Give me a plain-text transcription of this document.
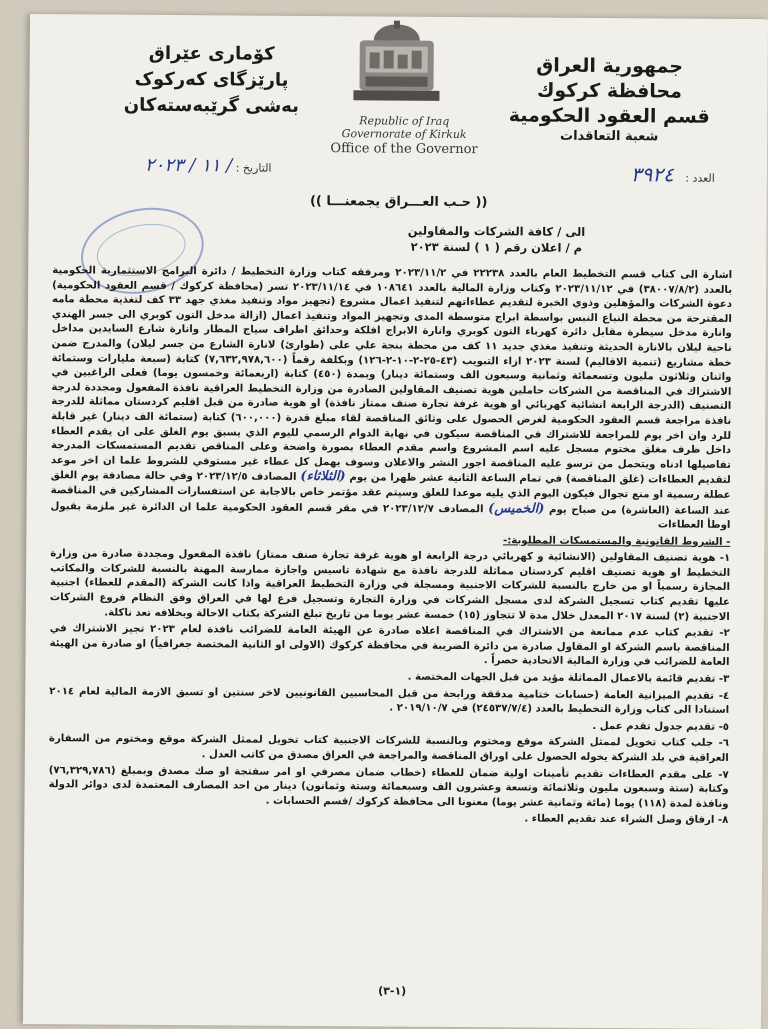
جمهورية العراق
محافظة كركوك
قسم العقود الحكومية
شعبة التعاقدات
كۆماری عێراق
پارێزگای کەرکوک
بەشی گرێبەستەکان
Republic of Iraq
Governorate of Kirkuk
Office of the Governor
العدد : ٣٩٢٤
التاريخ : / ١١ / ٢٠٢٣
(( حـب العـــراق يجمعنـــا ))
الى / كافة الشركات والمقاولين
م / اعلان رقم ( ١ ) لسنة ٢٠٢٣

اشارة الى كتاب قسم التخطيط العام بالعدد ٢٢٢٣٨ في ٢٠٢٣/١١/٢ ومرفقه كتاب وزارة التخطيط / دائرة البرامج الاستثمارية الحكومية بالعدد (٣٨٠٠٧/٨/٢) في ٢٠٢٣/١١/١٢ وكتاب وزارة المالية بالعدد ١٠٨٦٤١ في ٢٠٢٣/١١/١٤ تسر (محافظة كركوك / قسم العقود الحكومية) دعوة الشركات والمؤهلين وذوي الخبرة لتقديم عطاءاتهم لتنفيذ اعمال مشروع (تجهيز مواد وتنفيذ مغذي جهد ٣٣ كف لتغذية محطة مامه المقترحة من محطة النباع النبس بواسطة ابراج متوسطة المدى وتجهيز المواد وتنفيذ اعمال (ازالة مدخل التون كوبري الى جسر الهندي وانارة مدخل سيطرة مقابل دائرة كهرباء التون كوبري وانارة الابراج افلكة وحدائق اطراف سياج المطار وانارة شارع السايدين مداخل ناحية ليلان بالانارة الحديثة وتنفيذ مغذي جديد ١١ كف من محطة بنجة علي على (طوارئ) لانارة الشارع من جسر ليلان) والمدرج ضمن خطة مشاريع (تنمية الاقاليم) لسنة ٢٠٢٣ ازاء التبويب (٤٣-٢٥-٢-١٠-٢-١٢٦) وبكلفة رقماً (٧,٦٣٢,٩٧٨,٦٠٠) كتابة (سبعة مليارات وستمائة واثنان وثلاثون مليون وتسعمائة وثمانية وسبعون الف وستمائة دينار) وبمدة (٤٥٠) كتابة (اربعمائة وخمسون يوما) فعلى الراغبين في الاشتراك في المناقصة من الشركات حاملين هوية تصنيف المقاولين الصادرة من وزارة التخطيط العراقية نافذة المفعول ومجددة لدرجة التصنيف (الدرجة الرابعة انشائية كهربائي او هوية غرفة تجارة صنف ممتاز نافذة) او هوية صادرة من قبل اقليم كردستان مماثلة للدرجة نافذة مراجعة قسم العقود الحكومية لغرض الحصول على وثائق المناقصة لقاء مبلغ قدرة (٦٠٠,٠٠٠) كتابة (ستمائة الف دينار) غير قابلة للرد وان اخر يوم للمراجعة للاشتراك في المناقصة سيكون في نهاية الدوام الرسمي لليوم الذي يسبق يوم الغلق على ان يقدم العطاء داخل ظرف مغلق مختوم مسجل عليه اسم المشروع واسم مقدم العطاء بصورة واضحة وعلى المناقص تقديم المستمسكات المدرجة تفاصيلها ادناه ويتحمل من ترسو عليه المناقصة اجور النشر والاعلان وسوف يهمل كل عطاء غير مستوفي للشروط علما ان اخر موعد لتقديم العطاءات (غلق المناقصة) في تمام الساعة الثانية عشر ظهرا من يوم (الثلاثاء) المصادف ٢٠٢٣/١٢/٥ وفي حالة مصادفة يوم الغلق عطلة رسمية او منع تجوال فيكون اليوم الذي يليه موعدا للغلق وسيتم عقد مؤتمر خاص بالاجابة عن استفسارات المشاركين في المناقصة عند الساعة (العاشرة) من صباح يوم (الخميس) المصادف ٢٠٢٣/١٢/٧ في مقر قسم العقود الحكومية علما ان الدائرة غير ملزمة بقبول اوطأ العطاءات

- الشروط القانونية والمستمسكات المطلوبة:-

١- هوية تصنيف المقاولين (الانشائية و كهربائي درجة الرابعة او هوية غرفة تجارة صنف ممتاز) نافذة المفعول ومجددة صادرة من وزارة التخطيط او هوية تصنيف اقليم كردستان مماثلة للدرجة نافذة مع شهادة تاسيس واجازة ممارسة المهنة بالنسبة للشركات والمكاتب المجازة رسمياً او من خارج بالنسبة للشركات الاجنبية ومسجلة في وزارة التخطيط العراقية واذا كانت الشركة (المقدم للعطاء) اجنبية عليها تقديم كتاب تسجيل الشركة لدى مسجل الشركات في وزارة التجارة وتسجيل فرع لها في العراق وفق النظام فروع الشركات الاجنبية (٢) لسنة ٢٠١٧ المعدل خلال مدة لا تتجاوز (١٥) خمسة عشر يوما من تاريخ تبلغ الشركة بكتاب الاحالة وبخلافه تعد ناكلة.

٢- تقديم كتاب عدم ممانعة من الاشتراك في المناقصة اعلاه صادرة عن الهيئة العامة للضرائب نافذة لعام ٢٠٢٣ تجيز الاشتراك في المناقصة باسم الشركة او المقاول صادرة من دائرة الضريبة في محافظة كركوك (الاولى او الثانية المختصة جغرافياً) او صادرة من الهيئة العامة للضرائب في وزارة المالية الاتحادية حصراً .

٣- تقديم قائمة بالاعمال المماثلة مؤيد من قبل الجهات المختصة .

٤- تقديم الميزانية العامة (حسابات ختامية مدققة ورابحة من قبل المحاسبين القانونيين لاخر سنتين او تسبق الازمة المالية لعام ٢٠١٤ استنادا الى كتاب وزارة التخطيط بالعدد (٢٤٥٣٧/٧/٤) في ٢٠١٩/١٠/٧ .

٥- تقديم جدول تقدم عمل .

٦- جلب كتاب تخويل لممثل الشركة موقع ومختوم وبالنسبة للشركات الاجنبية كتاب تخويل لممثل الشركة موقع ومختوم من السفارة العراقية في بلد الشركة يخوله الحصول على اوراق المناقصة والمراجعة في العراق مصدق من كاتب العدل .

٧- على مقدم العطاءات تقديم تأمينات اولية ضمان للعطاء (خطاب ضمان مصرفي او امر سفتجة او صك مصدق وبمبلغ (٧٦,٣٢٩,٧٨٦) وكتابة (ستة وسبعون مليون وثلاثمائة وتسعة وعشرون الف وسبعمائة وستة وثمانون) دينار من احد المصارف المعتمدة لدى دوائر الدولة ونافذة لمدة (١١٨) يوما (مائة وثمانية عشر يوما) معنونا الى محافظة كركوك /قسم الحسابات .

٨- ارفاق وصل الشراء عند تقديم العطاء .

(١-٣)
